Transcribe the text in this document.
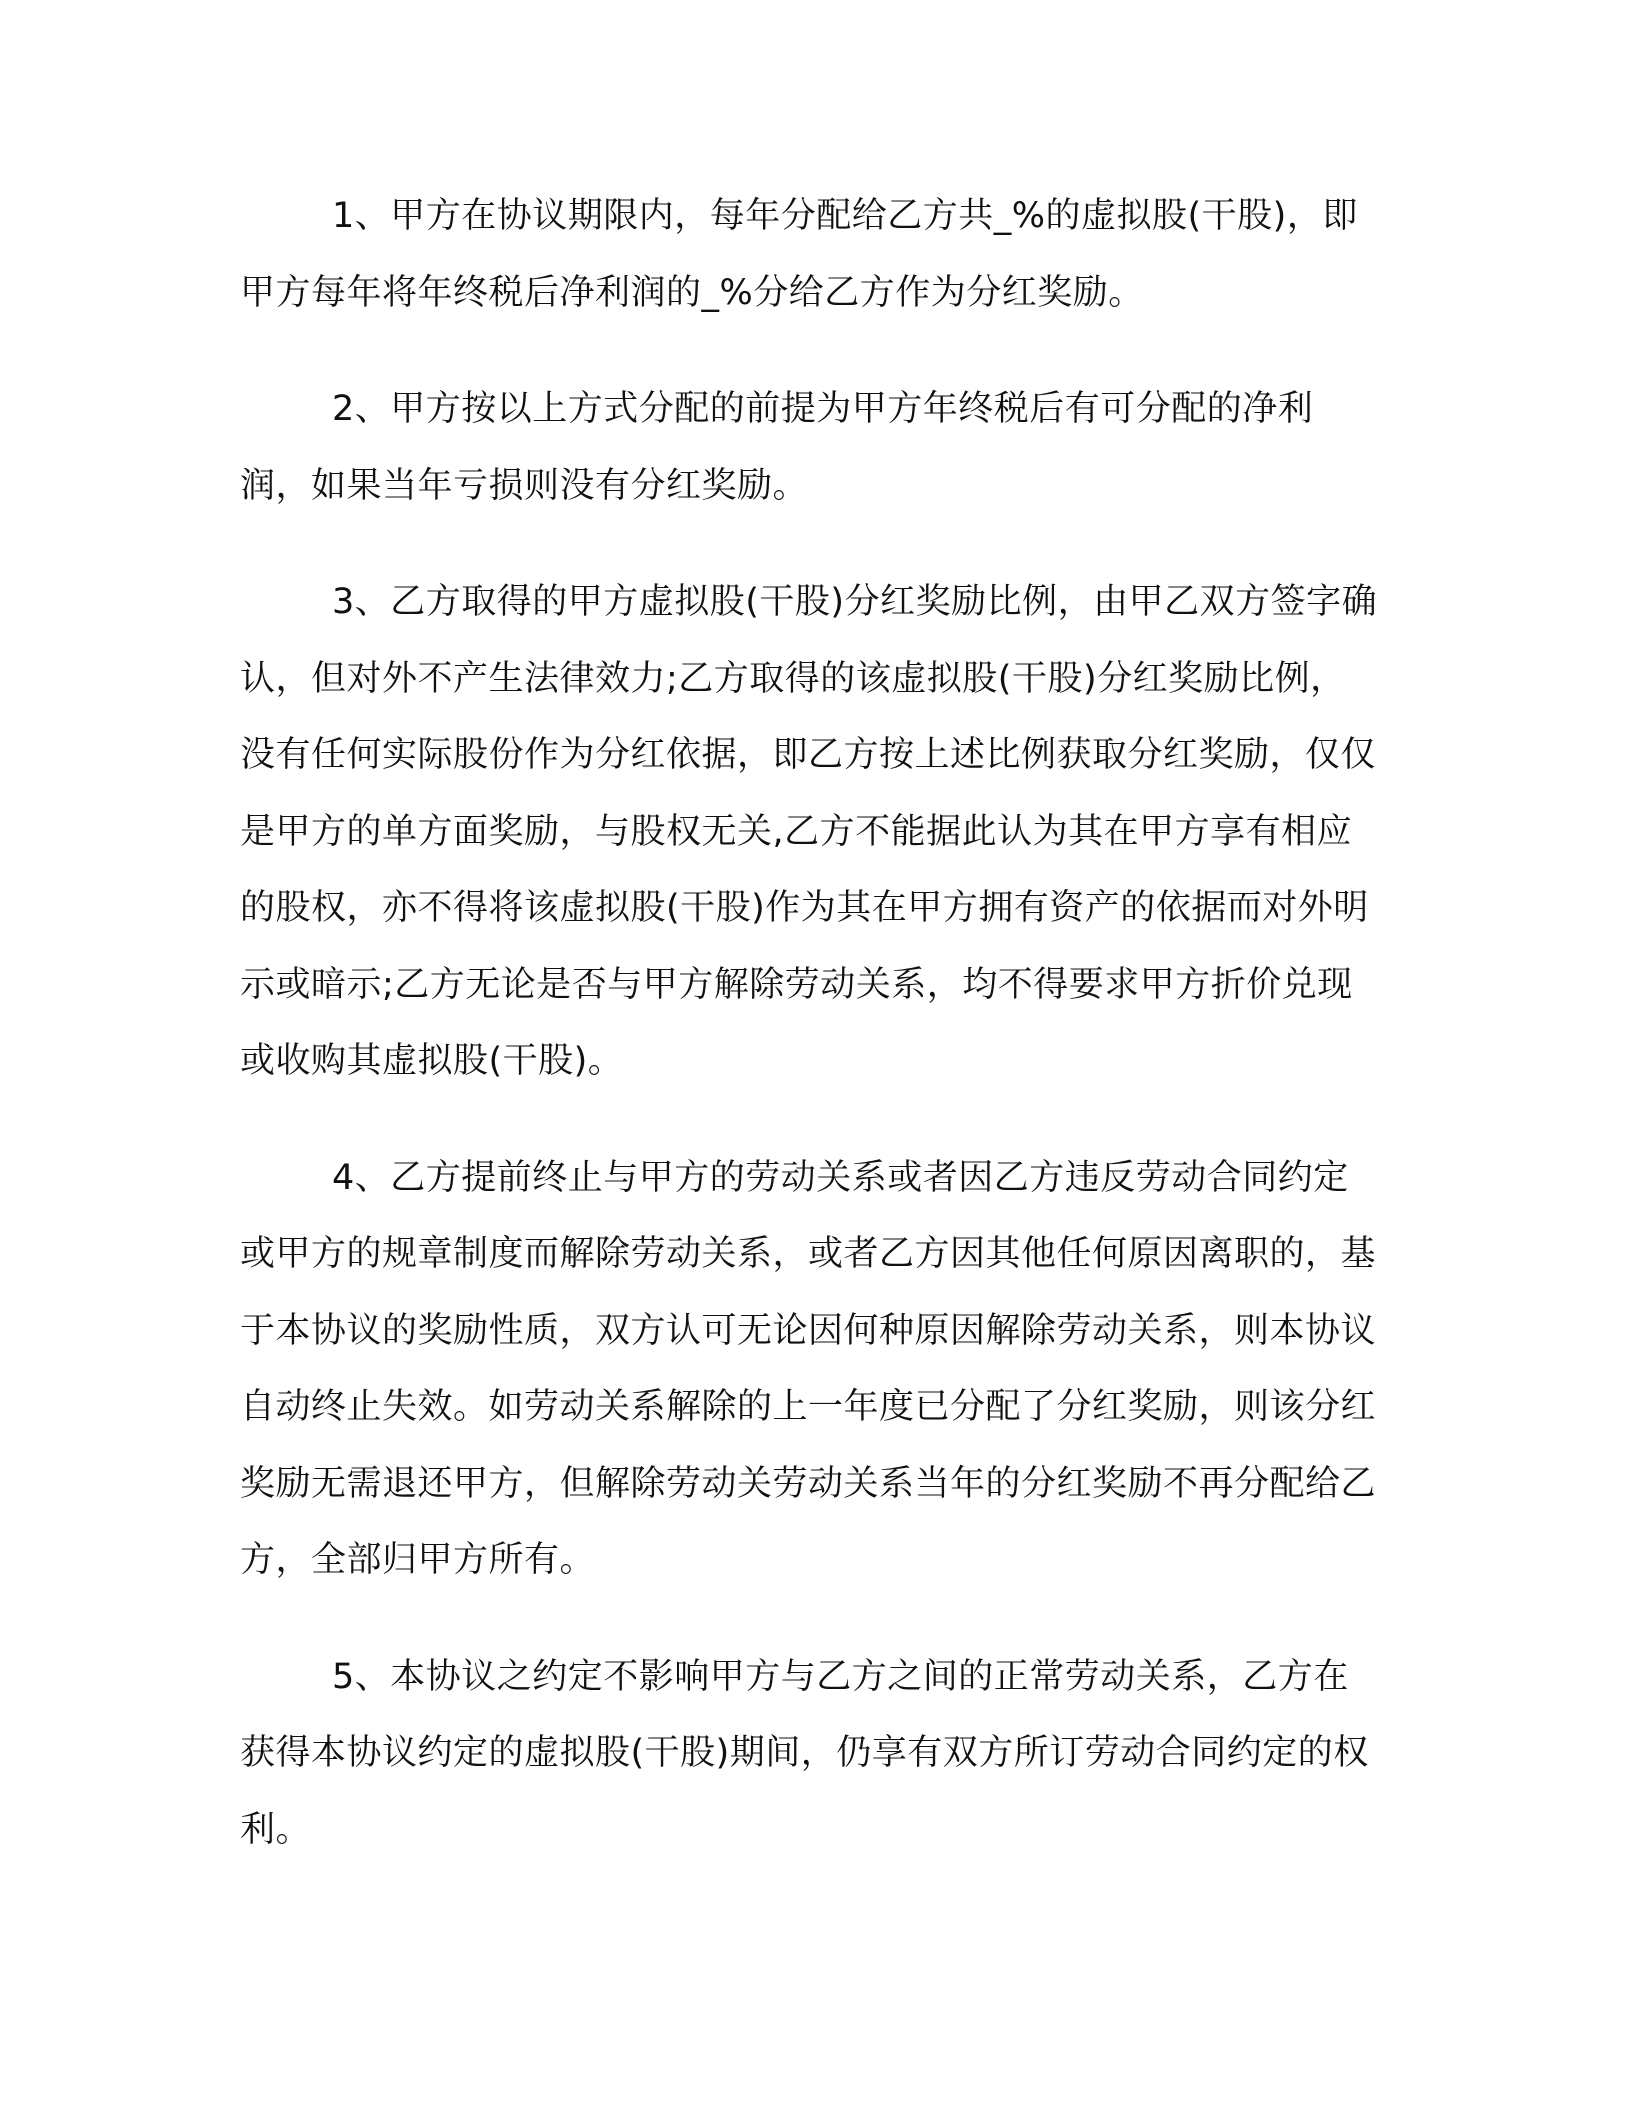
1、甲方在协议期限内，每年分配给乙方共_%的虚拟股(干股)，即甲方每年将年终税后净利润的_%分给乙方作为分红奖励。

2、甲方按以上方式分配的前提为甲方年终税后有可分配的净利润，如果当年亏损则没有分红奖励。

3、乙方取得的甲方虚拟股(干股)分红奖励比例，由甲乙双方签字确认，但对外不产生法律效力;乙方取得的该虚拟股(干股)分红奖励比例，没有任何实际股份作为分红依据，即乙方按上述比例获取分红奖励，仅仅是甲方的单方面奖励，与股权无关,乙方不能据此认为其在甲方享有相应的股权，亦不得将该虚拟股(干股)作为其在甲方拥有资产的依据而对外明示或暗示;乙方无论是否与甲方解除劳动关系，均不得要求甲方折价兑现或收购其虚拟股(干股)。

4、乙方提前终止与甲方的劳动关系或者因乙方违反劳动合同约定或甲方的规章制度而解除劳动关系，或者乙方因其他任何原因离职的，基于本协议的奖励性质，双方认可无论因何种原因解除劳动关系，则本协议自动终止失效。如劳动关系解除的上一年度已分配了分红奖励，则该分红奖励无需退还甲方，但解除劳动关劳动关系当年的分红奖励不再分配给乙方，全部归甲方所有。

5、本协议之约定不影响甲方与乙方之间的正常劳动关系，乙方在获得本协议约定的虚拟股(干股)期间，仍享有双方所订劳动合同约定的权利。
